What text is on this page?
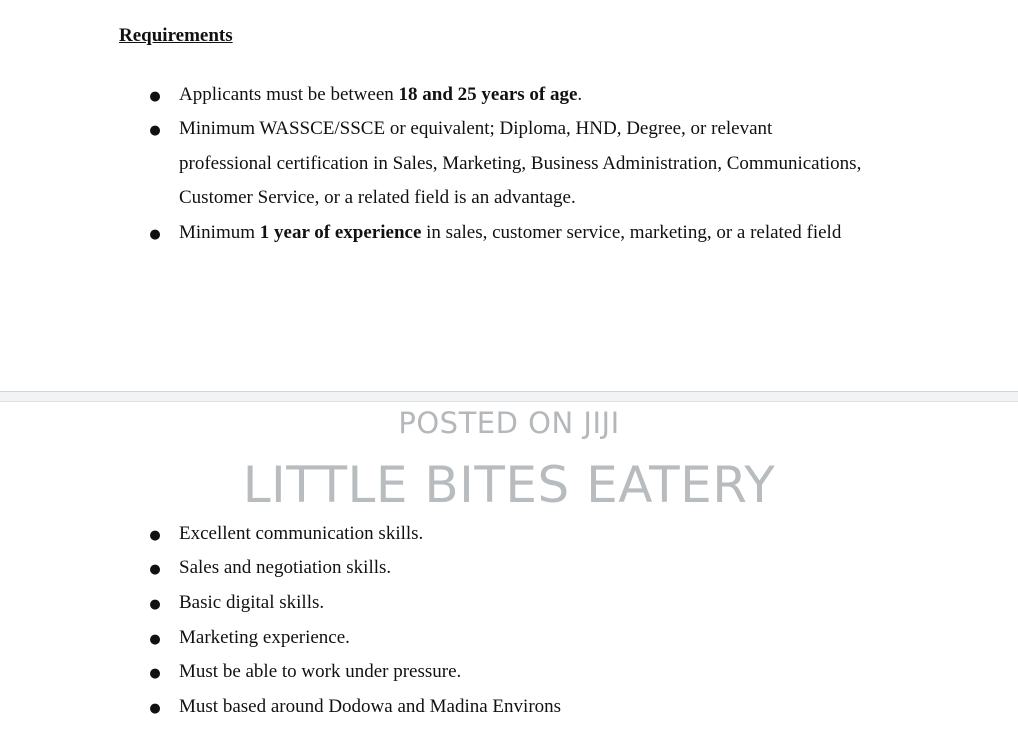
Requirements
● Applicants must be between 18 and 25 years of age.
● Minimum WASSCE/SSCE or equivalent; Diploma, HND, Degree, or relevant
professional certification in Sales, Marketing, Business Administration, Communications,
Customer Service, or a related field is an advantage.
● Minimum 1 year of experience in sales, customer service, marketing, or a related field
POSTED ON JIJI
LITTLE BITES EATERY
● Excellent communication skills.
● Sales and negotiation skills.
● Basic digital skills.
● Marketing experience.
● Must be able to work under pressure.
● Must based around Dodowa and Madina Environs
